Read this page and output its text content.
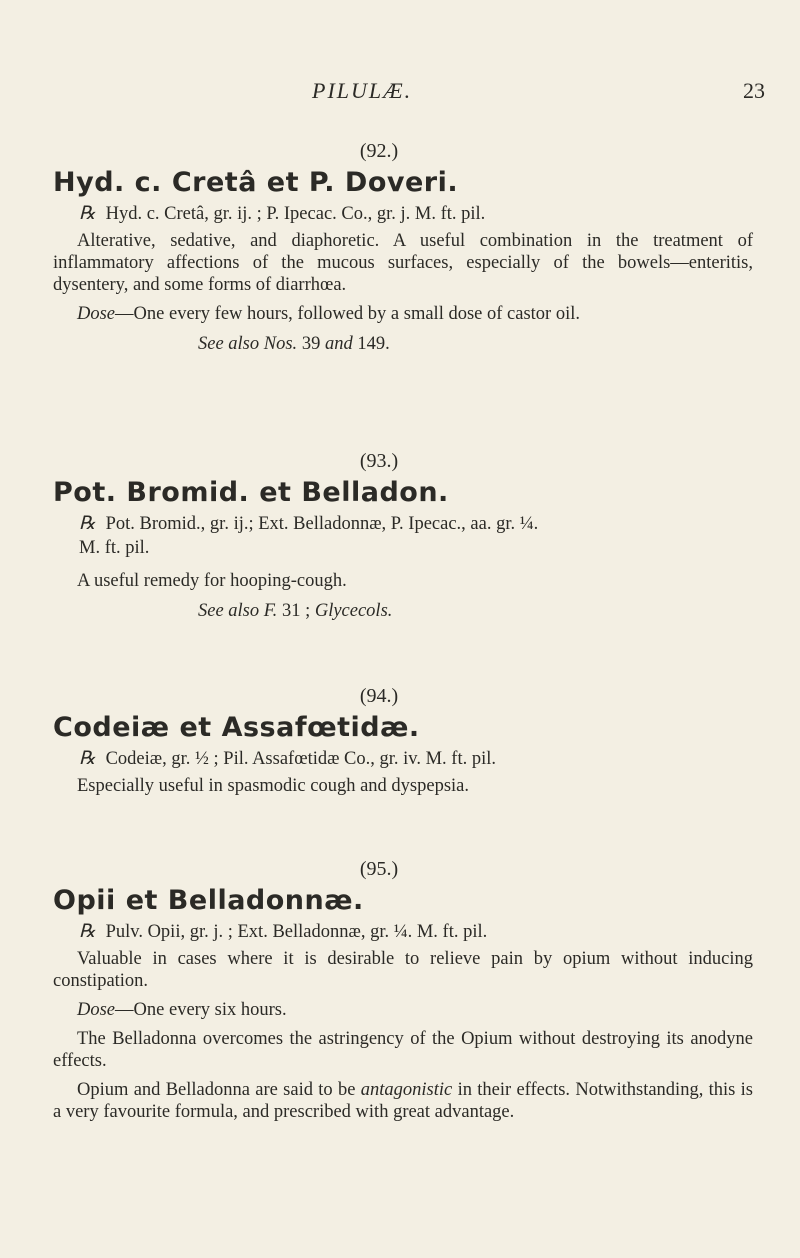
PILULÆ.	23
(92.)
Hyd. c. Cretâ et P. Doveri.

℞ Hyd. c. Cretâ, gr. ij. ; P. Ipecac. Co., gr. j. M. ft. pil.

Alterative, sedative, and diaphoretic. A useful combination in the treatment of inflammatory affections of the mucous surfaces, especially of the bowels—enteritis, dysentery, and some forms of diarrhœa.

Dose—One every few hours, followed by a small dose of castor oil.

See also Nos. 39 and 149.

(93.)
Pot. Bromid. et Belladon.

℞ Pot. Bromid., gr. ij.; Ext. Belladonnæ, P. Ipecac., aa. gr. ¼.

M. ft. pil.

A useful remedy for hooping-cough.

See also F. 31 ; Glycecols.

(94.)
Codeiæ et Assafœtidæ.

℞ Codeiæ, gr. ½ ; Pil. Assafœtidæ Co., gr. iv. M. ft. pil.

Especially useful in spasmodic cough and dyspepsia.

(95.)
Opii et Belladonnæ.

℞ Pulv. Opii, gr. j. ; Ext. Belladonnæ, gr. ¼. M. ft. pil.

Valuable in cases where it is desirable to relieve pain by opium without inducing constipation.

Dose—One every six hours.

The Belladonna overcomes the astringency of the Opium without destroying its anodyne effects.

Opium and Belladonna are said to be antagonistic in their effects. Notwithstanding, this is a very favourite formula, and prescribed with great advantage.
